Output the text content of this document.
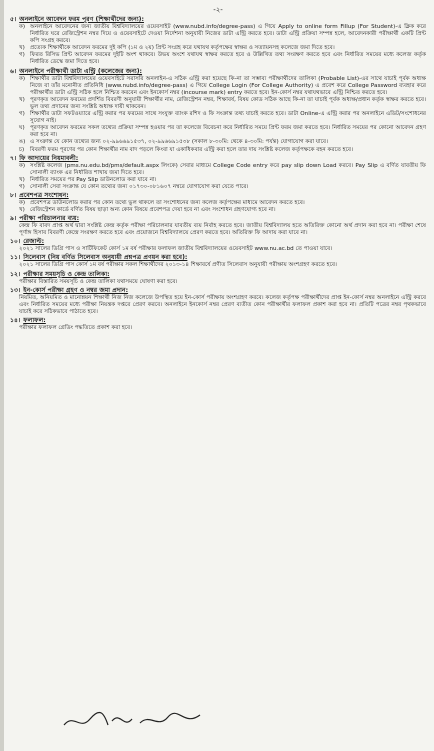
-২-
৫। অনলাইনে আবেদন ফরম পূরণ (শিক্ষার্থীদের জন্য):
ক) অনলাইনে আবেদনের জন্য জাতীয় বিশ্ববিদ্যালয়ের ওয়েবসাইট (www.nubd.info/degree-pass) এ গিয়ে Apply to online form Fillup (For Student)-এ ক্লিক করে নির্ধারিত ঘরে রেজিস্ট্রেশন নম্বর দিয়ে ও ওয়েবসাইটে দেওয়া নির্দেশনা অনুযায়ী নিজের ডাটা এন্ট্রি করতে হবে। ডাটা এন্ট্রি প্রক্রিয়া সম্পন্ন হলে, আবেদনকারী পরীক্ষার্থী একটি প্রিন্ট কপি সংগ্রহ করবে।
খ) প্রত্যেক শিক্ষার্থীকে আবেদন ফরমের দুই কপি (১ম ও ২য়) প্রিন্ট সংগ্রহ করে যথাযথ কর্তৃপক্ষের স্বাক্ষর ও সত্যায়নসহ কলেজে জমা দিতে হবে।
গ) ফিরত রিসিভ প্রিন্ট আবেদন ফরমের দুইটি অংশ থাকবে। উভয় অংশে যথাযথ স্বাক্ষর করতে হবে ও উল্লিখিত তথ্য সংরক্ষণ করতে হবে এবং নির্ধারিত সময়ের মধ্যে কলেজ কর্তৃক নির্ধারিত ডেস্কে জমা দিতে হবে।
৬। অনলাইনে পরীক্ষার্থী ডাটা এন্ট্রি (কলেজের জন্য):
ক) শিক্ষার্থীর ডাটা বিশ্ববিদ্যালয়ের ওয়েবসাইটে সরাসরি অনলাইন-এ সঠিক এন্ট্রি করা হয়েছে কি-না তা সম্ভাব্য পরীক্ষার্থীদের তালিকা (Probable List)-এর সাথে যাচাই পূর্বক অধ্যক্ষ নিজে বা তাঁর মনোনীত প্রতিনিধি (www.nubd.info/degree-pass) এ গিয়ে College Login (For College Authority) এ প্রবেশ করে College Password ব্যবহার করে পরীক্ষার্থীর ডাটা এন্ট্রি সঠিক হলে নিশ্চিত করবেন এবং ইনকোর্স নম্বর (incourse mark) entry করতে হবে। ইন-কোর্স নম্বর যথাযথভাবে এন্ট্রি নিশ্চিত করতে হবে।
খ) পূরণকৃত আবেদন ফরমের প্রদর্শিত বিবরণী অনুযায়ী শিক্ষার্থীর নাম, রেজিস্ট্রেশন নম্বর, শিক্ষাবর্ষ, বিষয় কোড সঠিক আছে কি-না তা যাচাই পূর্বক অধ্যক্ষ/প্রধান কর্তৃক স্বাক্ষর করতে হবে। ভুল তথ্য প্রদানের জন্য সংশ্লিষ্ট অধ্যক্ষ দায়ী থাকবেন।
গ) শিক্ষার্থীর ডাটা সফটওয়্যারে এন্ট্রি করার পর ফরমের সাথে সংযুক্ত ব্যাংক রশিদ ও ফি সংক্রান্ত তথ্য যাচাই করতে হবে। ডাটা Online-এ এন্ট্রি করার পর অনলাইনে এডিট/সংশোধনের সুযোগ নাই।
ঘ) পূরণকৃত আবেদন ফরমের সকল তথ্যের প্রক্রিয়া সম্পন্ন হওয়ার পর তা কলেজে বিবেচনা করে নির্ধারিত সময়ে প্রিন্ট ফরম জমা করতে হবে। নির্ধারিত সময়ের পর কোনো আবেদন গ্রহণ করা হবে না।
ঙ) এ সংক্রান্ত যে কোন তথ্যের জন্য ০২-৯৯৬৬৯১৫৩৭, ০২-৯৯৬৬৯১৫৩৮ (সকাল ৮-৩০মি: থেকে ৪-৩০মি: পর্যন্ত) যোগাযোগ করা যাবে।
চ)	বিবরণী ফরম পূরণের পর কোন শিক্ষার্থীর নাম বাদ পড়লে কিংবা যা একাধিকবার এন্ট্রি করা হলে তার দায় সংশ্লিষ্ট কলেজ কর্তৃপক্ষকে বহন করতে হবে।
৭। ফি আদায়ের নিয়মাবলী:
ক) সংশ্লিষ্ট কলেজ (pms.nu.edu.bd/pms/default.aspx লিংকে) সেবার মাধ্যমে College Code entry করে pay slip down Load করবে। Pay Slip এ বর্ণিত যাবতীয় ফি সোনালী ব্যাংক এর নির্ধারিত শাখায় জমা দিতে হবে।
খ) নির্ধারিত সময়ের পর Pay Slip ডাউনলোড করা যাবে না।
গ) সোনালী সেবা সংক্রান্ত যে কোন তথ্যের জন্য ০১৭৩০-০৮১৬০৭ নম্বরে যোগাযোগ করা যেতে পারে।
৮। প্রবেশপত্র সংশোধন:
ক) প্রবেশপত্র ডাউনলোড করার পর কোন তথ্যে ভুল থাকলে তা সংশোধনের জন্য কলেজ কর্তৃপক্ষের মাধ্যমে আবেদন করতে হবে।
খ) রেজিস্ট্রেশন কার্ডে বর্ণিত বিষয় ছাড়া অন্য কোন বিষয়ে প্রবেশপত্র দেয়া হবে না এবং সংশোধন গ্রহণযোগ্য হবে না।
৯। পরীক্ষা পরিচালনার ব্যয়:
কেন্দ্র ফি বাবদ প্রাপ্ত অর্থ দ্বারা সংশ্লিষ্ট কেন্দ্র কর্তৃক পরীক্ষা পরিচালনার যাবতীয় ব্যয় নির্বাহ করতে হবে। জাতীয় বিশ্ববিদ্যালয় হতে অতিরিক্ত কোনো অর্থ প্রদান করা হবে না। পরীক্ষা শেষে পূর্ণাঙ্গ হিসাব বিবরণী কেন্দ্রে সংরক্ষণ করতে হবে এবং প্রয়োজনে বিশ্ববিদ্যালয়ে প্রেরণ করতে হবে। অতিরিক্ত ফি আদায় করা যাবে না।
১০। রেজাল্ট:
২০২১ সালের ডিগ্রি পাস ও সার্টিফিকেট কোর্স ১ম বর্ষ পরীক্ষার ফলাফল জাতীয় বিশ্ববিদ্যালয়ের ওয়েবসাইট www.nu.ac.bd তে পাওয়া যাবে।
১১। সিলেবাস (নিয় বর্ণিত সিলেবাস অনুযায়ী প্রশ্নপত্র প্রণয়ন করা হবে):
২০২১ সালের ডিগ্রি পাস কোর্স ১ম বর্ষ পরীক্ষার সকল শিক্ষার্থীদের ২০১৩-১৪ শিক্ষাবর্ষে প্রণীত সিলেবাস অনুযায়ী পরীক্ষায় অংশগ্রহণ করতে হবে।
১২। পরীক্ষার সময়সূচি ও কেন্দ্র তালিকা:
পরীক্ষার বিস্তারিত সময়সূচি ও কেন্দ্র তালিকা যথাসময়ে ঘোষণা করা হবে।
১৩। ইন-কোর্স পরীক্ষা গ্রহণ ও নম্বর জমা প্রদান:
নিয়মিত, অনিয়মিত ও মানোন্নয়ন শিক্ষার্থী নিজ নিজ কলেজে উপস্থিত হয়ে ইন-কোর্স পরীক্ষায় অংশগ্রহণ করবে। কলেজ কর্তৃপক্ষ পরীক্ষার্থীদের প্রাপ্ত ইন-কোর্স নম্বর অনলাইনে এন্ট্রি করবে এবং নির্ধারিত সময়ের মধ্যে পরীক্ষা নিয়ন্ত্রক দপ্তরে প্রেরণ করবে। অনলাইনে ইনকোর্স নম্বর প্রেরণ ব্যতীত কোন পরীক্ষার্থীর ফলাফল প্রকাশ করা হবে না। প্রতিটি পত্রের নম্বর পৃথকভাবে যাচাই করে সঠিকভাবে পাঠাতে হবে।
১৪। ফলাফল:
পরীক্ষার ফলাফল গ্রেডিং পদ্ধতিতে প্রকাশ করা হবে।
